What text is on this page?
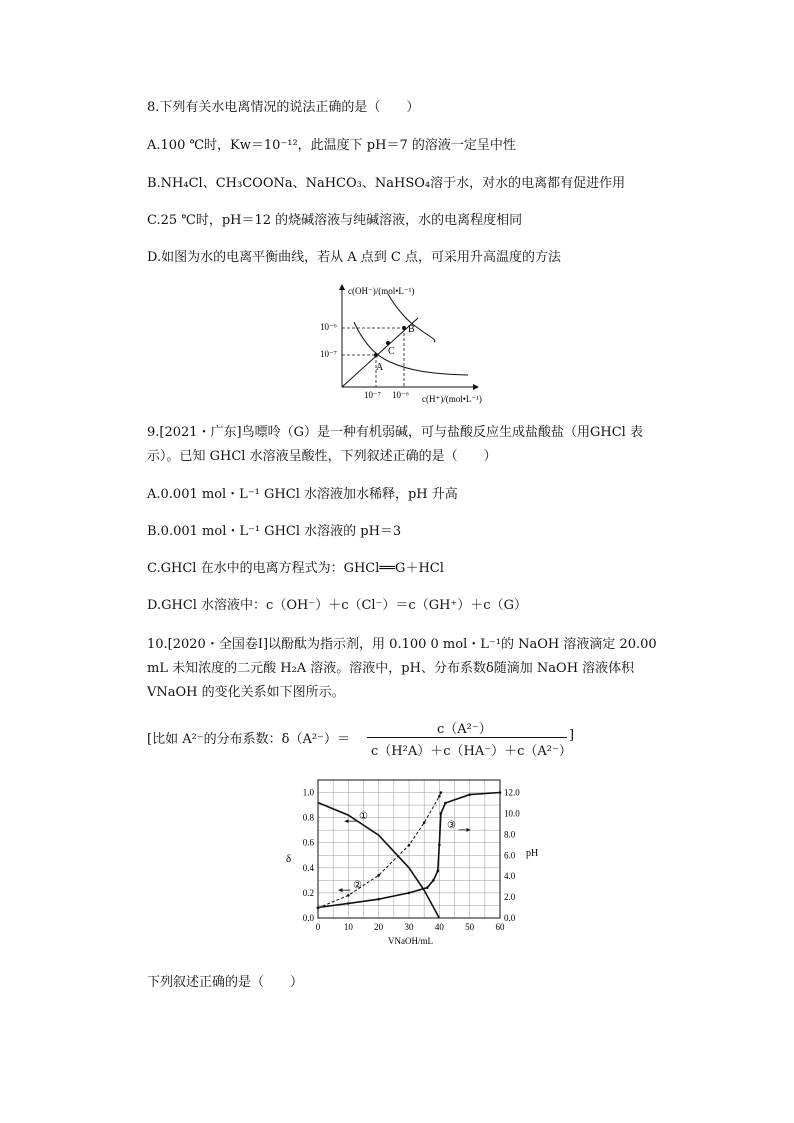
8.下列有关水电离情况的说法正确的是（　　）
A.100 ℃时，Kw＝10⁻¹²，此温度下 pH＝7 的溶液一定呈中性
B.NH₄Cl、CH₃COONa、NaHCO₃、NaHSO₄溶于水，对水的电离都有促进作用
C.25 ℃时，pH＝12 的烧碱溶液与纯碱溶液，水的电离程度相同
D.如图为水的电离平衡曲线，若从 A 点到 C 点，可采用升高温度的方法
c(OH⁻)/(mol•L⁻¹)
c(H⁺)/(mol•L⁻¹)
10⁻⁶
10⁻⁷
10⁻⁷ 10⁻⁶
A
B
C
9.[2021・广东]鸟嘌呤（G）是一种有机弱碱，可与盐酸反应生成盐酸盐（用GHCl 表
示）。已知 GHCl 水溶液呈酸性，下列叙述正确的是（　　）
A.0.001 mol・L⁻¹ GHCl 水溶液加水稀释，pH 升高
B.0.001 mol・L⁻¹ GHCl 水溶液的 pH＝3
C.GHCl 在水中的电离方程式为：GHCl══G＋HCl
D.GHCl 水溶液中：c（OH⁻）＋c（Cl⁻）＝c（GH⁺）＋c（G）
10.[2020・全国卷Ⅰ]以酚酞为指示剂，用 0.100 0 mol・L⁻¹的 NaOH 溶液滴定 20.00 mL 未知浓度的二元酸 H₂A 溶液。溶液中，pH、分布系数δ随滴加 NaOH 溶液体积 VNaOH 的变化关系如下图所示。
[比如 A²⁻的分布系数：δ（A²⁻）＝
c（A²⁻）
c（H²A）＋c（HA⁻）＋c（A²⁻）
]
①
②
③
0	10 20 30 40 50 60
0.0
0.2
0.4
0.6
0.8
1.0
0.0
2.0
4.0
6.0
8.0
10.0
12.0
δ	pH
VNaOH/mL
下列叙述正确的是（　　）
